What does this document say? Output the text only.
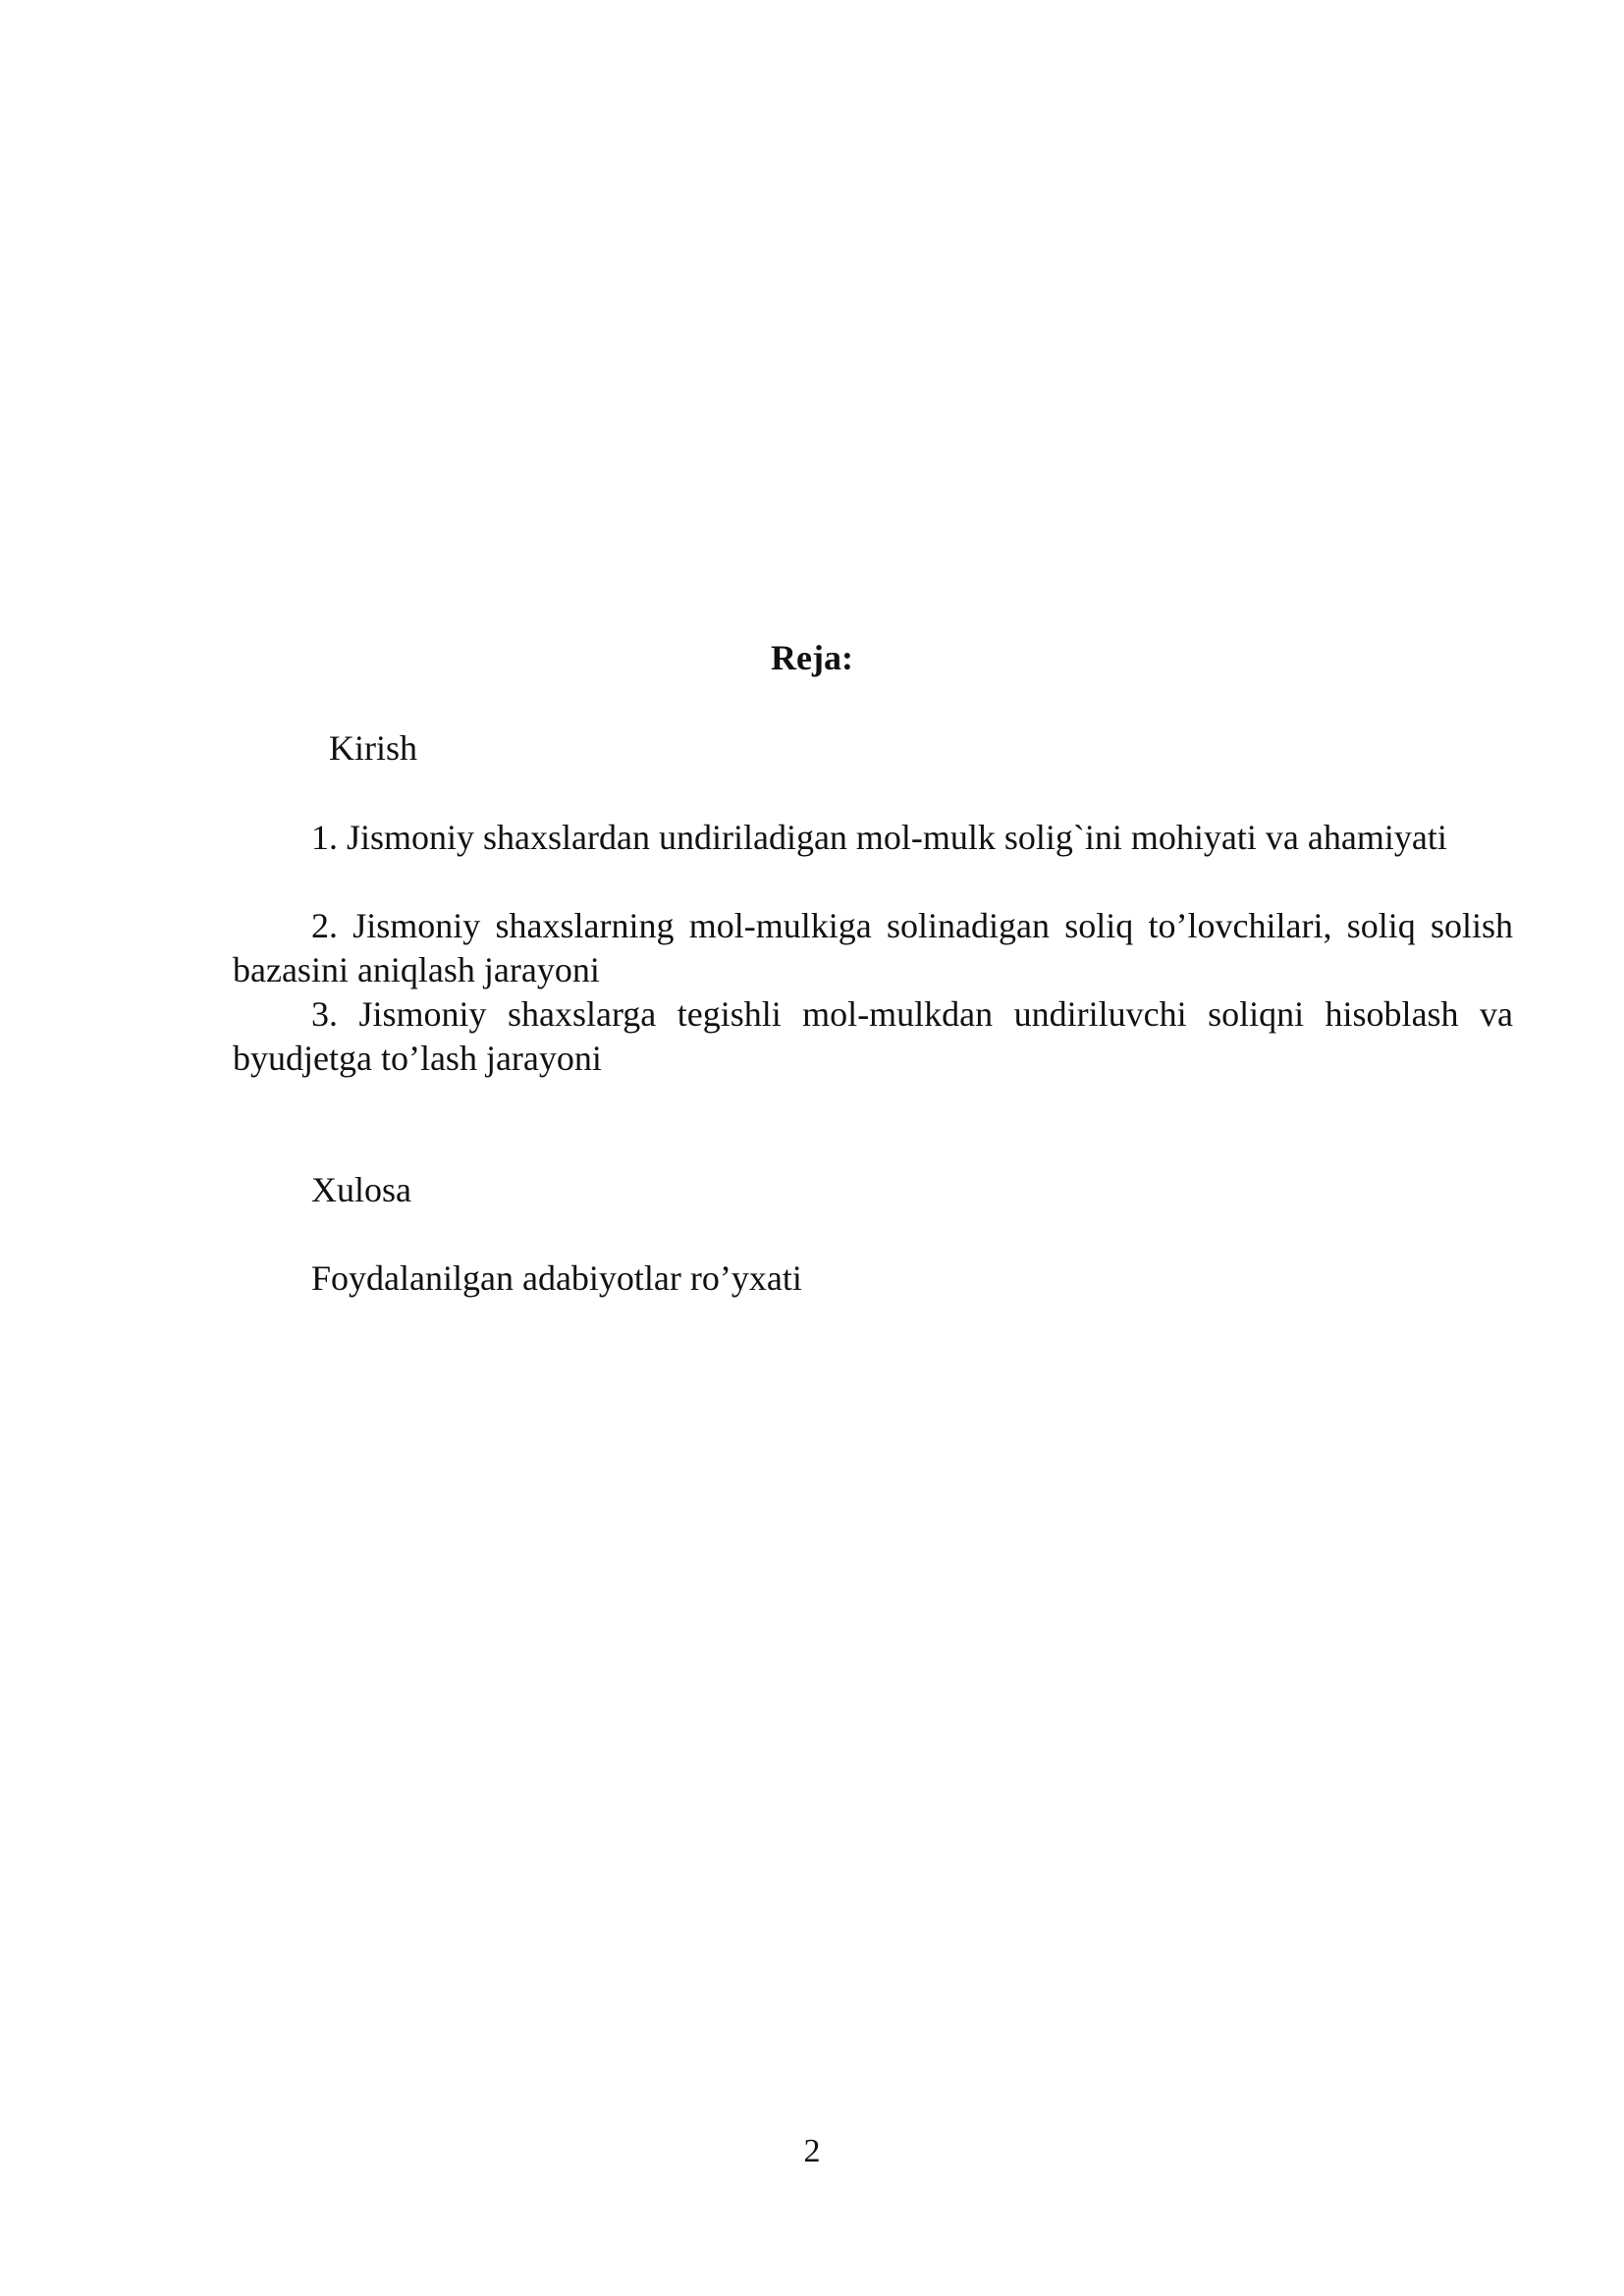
Reja:

Kirish

1. Jismoniy shaxslardan undiriladigan mol-mulk solig`ini mohiyati va ahamiyati

2. Jismoniy shaxslarning mol-mulkiga solinadigan soliq to’lovchilari, soliq solish bazasini aniqlash jarayoni

3. Jismoniy shaxslarga tegishli mol-mulkdan undiriluvchi soliqni hisoblash va byudjetga to’lash jarayoni

Xulosa

Foydalanilgan adabiyotlar ro’yxati

2
